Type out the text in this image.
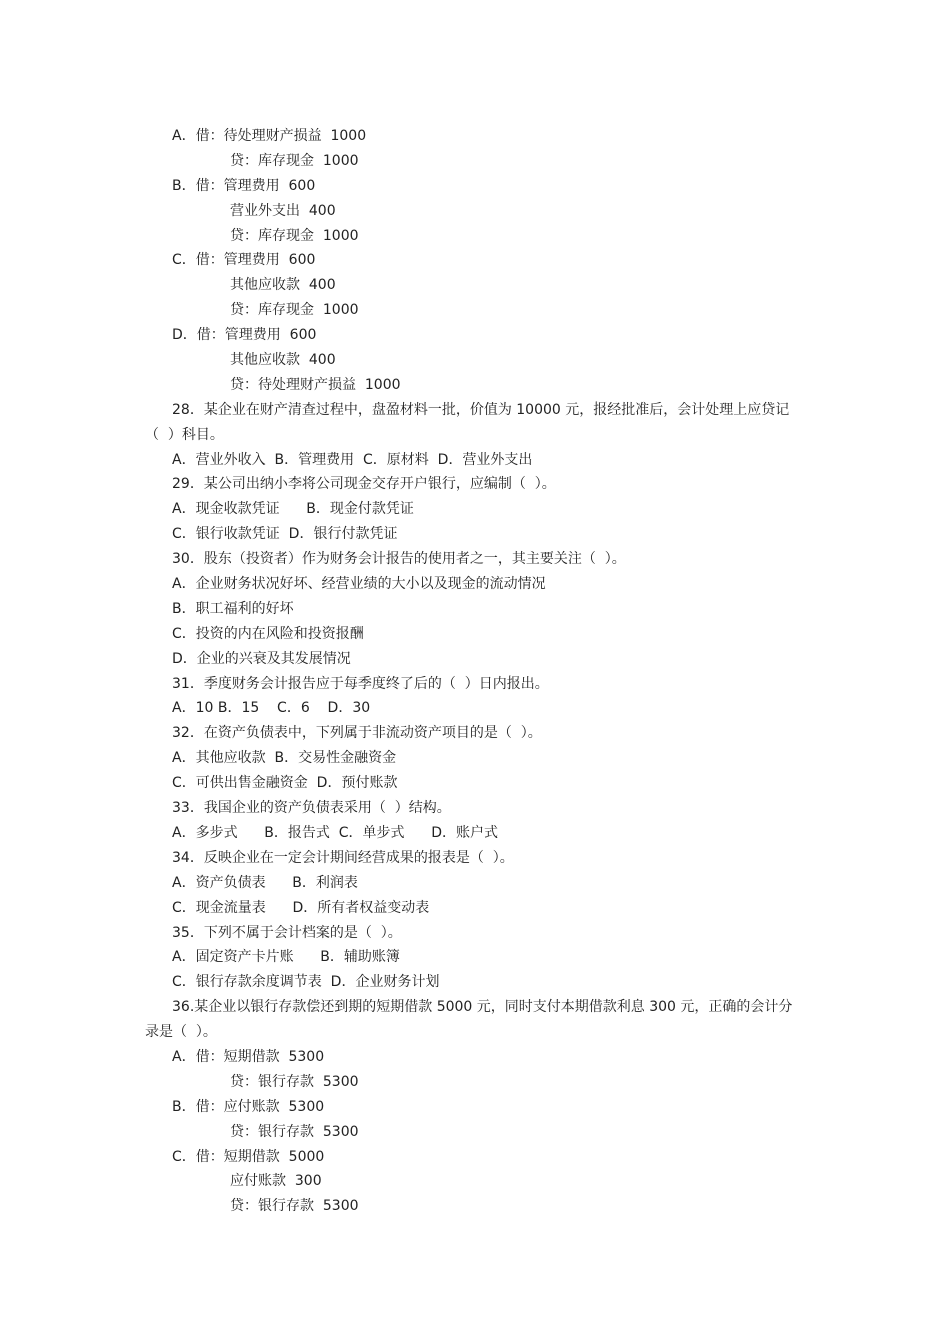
A．借：待处理财产损益  1000
贷：库存现金  1000
B．借：管理费用  600
营业外支出  400
贷：库存现金  1000
C．借：管理费用  600
其他应收款  400
贷：库存现金  1000
D．借：管理费用  600
其他应收款  400
贷：待处理财产损益  1000
28．某企业在财产清查过程中，盘盈材料一批，价值为 10000 元，报经批准后，会计处理上应贷记
（  ）科目。
A．营业外收入  B．管理费用  C．原材料  D．营业外支出
29．某公司出纳小李将公司现金交存开户银行，应编制（  ）。
A．现金收款凭证      B．现金付款凭证
C．银行收款凭证  D．银行付款凭证
30．股东（投资者）作为财务会计报告的使用者之一，其主要关注（  ）。
A．企业财务状况好坏、经营业绩的大小以及现金的流动情况
B．职工福利的好坏
C．投资的内在风险和投资报酬
D．企业的兴衰及其发展情况
31．季度财务会计报告应于每季度终了后的（  ）日内报出。
A．10 B．15    C．6    D．30
32．在资产负债表中，下列属于非流动资产项目的是（  ）。
A．其他应收款  B．交易性金融资金
C．可供出售金融资金  D．预付账款
33．我国企业的资产负债表采用（  ）结构。
A．多步式      B．报告式  C．单步式      D．账户式
34．反映企业在一定会计期间经营成果的报表是（  ）。
A．资产负债表      B．利润表
C．现金流量表      D．所有者权益变动表
35．下列不属于会计档案的是（  ）。
A．固定资产卡片账      B．辅助账簿
C．银行存款余度调节表  D．企业财务计划
36.某企业以银行存款偿还到期的短期借款 5000 元，同时支付本期借款利息 300 元，正确的会计分
录是（  ）。
A．借：短期借款  5300
贷：银行存款  5300
B．借：应付账款  5300
贷：银行存款  5300
C．借：短期借款  5000
应付账款  300
贷：银行存款  5300
